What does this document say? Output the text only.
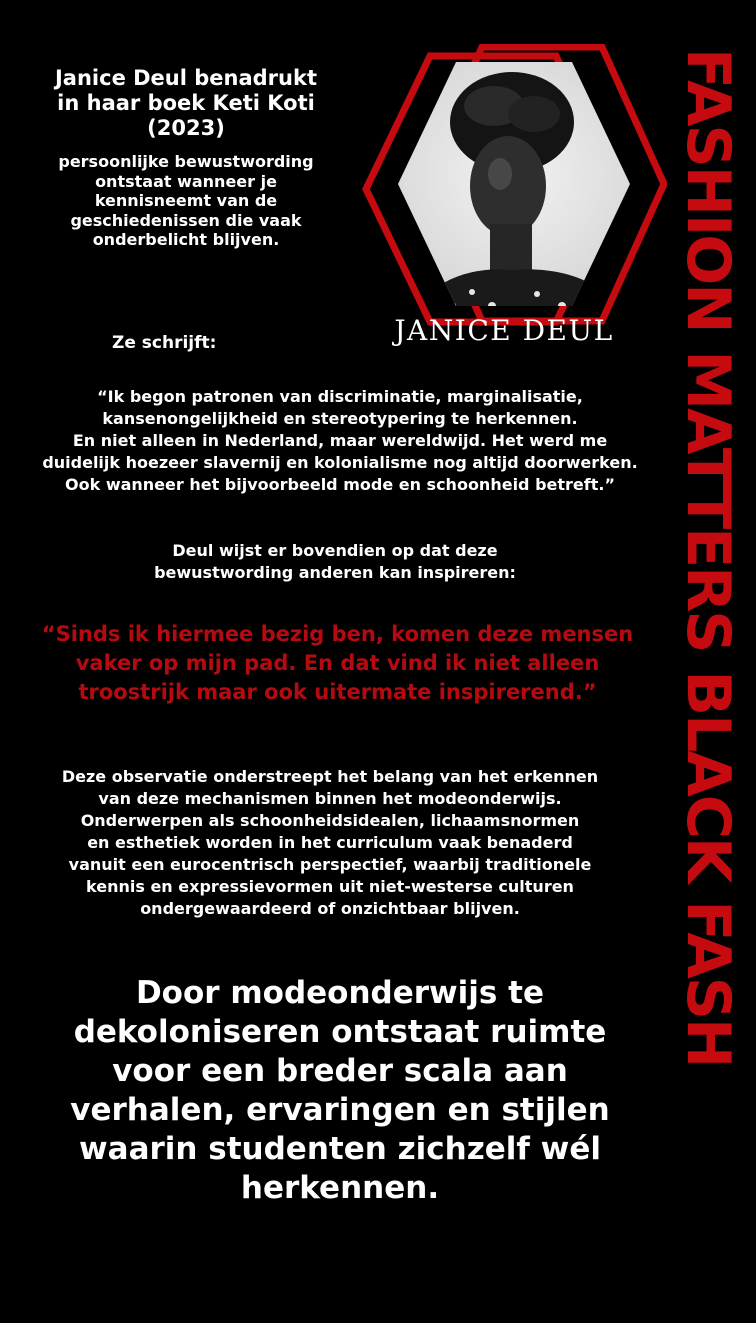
Janice Deul benadrukt
in haar boek Keti Koti
(2023)
persoonlijke bewustwording
ontstaat wanneer je
kennisneemt van de
geschiedenissen die vaak
onderbelicht blijven.
JANICE DEUL
Ze schrijft:
“Ik begon patronen van discriminatie, marginalisatie,
kansenongelijkheid en stereotypering te herkennen.
En niet alleen in Nederland, maar wereldwijd. Het werd me
duidelijk hoezeer slavernij en kolonialisme nog altijd doorwerken.
Ook wanneer het bijvoorbeeld mode en schoonheid betreft.”
Deul wijst er bovendien op dat deze
bewustwording anderen kan inspireren:
“Sinds ik hiermee bezig ben, komen deze mensen
vaker op mijn pad. En dat vind ik niet alleen
troostrijk maar ook uitermate inspirerend.”
Deze observatie onderstreept het belang van het erkennen
van deze mechanismen binnen het modeonderwijs.
Onderwerpen als schoonheidsidealen, lichaamsnormen
en esthetiek worden in het curriculum vaak benaderd
vanuit een eurocentrisch perspectief, waarbij traditionele
kennis en expressievormen uit niet-westerse culturen
ondergewaardeerd of onzichtbaar blijven.
Door modeonderwijs te
dekoloniseren ontstaat ruimte
voor een breder scala aan
verhalen, ervaringen en stijlen
waarin studenten zichzelf wél
herkennen.
FASHION MATTERS BLACK FASH
